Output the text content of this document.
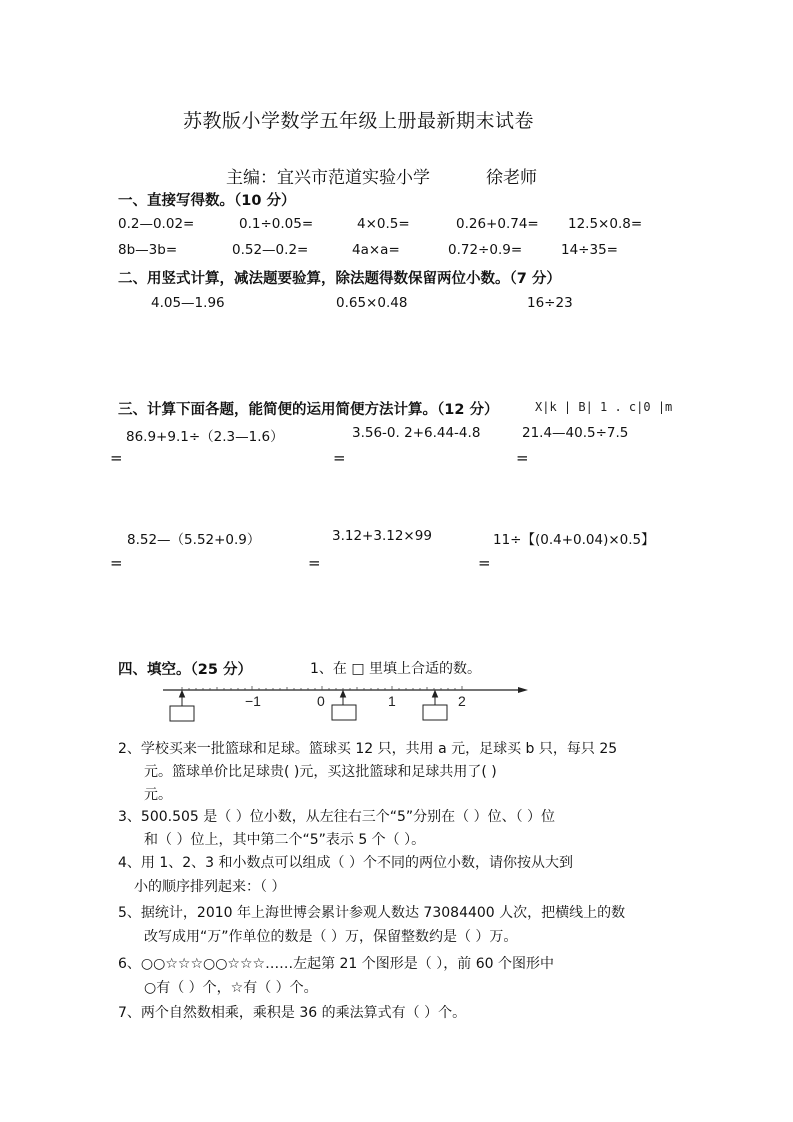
苏教版小学数学五年级上册最新期末试卷
主编：宜兴市范道实验小学	徐老师
一、直接写得数。（10 分）
0.2—0.02=	0.1÷0.05=	4×0.5=	0.26+0.74= 12.5×0.8=
8b—3b=	0.52—0.2=	4a×a=	0.72÷0.9=	14÷35=
二、用竖式计算，减法题要验算，除法题得数保留两位小数。（7 分）
4.05—1.96	0.65×0.48	16÷23
三、计算下面各题，能简便的运用简便方法计算。（12 分）	X|k | B| 1 . c|0 |m
86.9+9.1÷（2.3—1.6）	3.56-0. 2+6.44-4.8	21.4—40.5÷7.5
=	=	=
8.52—（5.52+0.9）	3.12+3.12×99	11÷【(0.4+0.04)×0.5】
=	=	=
四、填空。（25 分）	1、在 □ 里填上合适的数。
−1	0	1	2
2、学校买来一批篮球和足球。篮球买 12 只，共用 a 元，足球买 b 只，每只 25
元。篮球单价比足球贵( )元，买这批篮球和足球共用了( )
元。
3、500.505 是（ ）位小数，从左往右三个“5”分别在（ ）位、（ ）位
和（ ）位上，其中第二个“5”表示 5 个（ ）。
4、用 1、2、3 和小数点可以组成（ ）个不同的两位小数，请你按从大到
小的顺序排列起来：（ ）
5、据统计，2010 年上海世博会累计参观人数达 73084400 人次，把横线上的数
改写成用“万”作单位的数是（ ）万，保留整数约是（ ）万。
6、○○☆☆☆○○☆☆☆……左起第 21 个图形是（ ），前 60 个图形中
○有（ ）个，☆有（ ）个。
7、两个自然数相乘，乘积是 36 的乘法算式有（ ）个。
